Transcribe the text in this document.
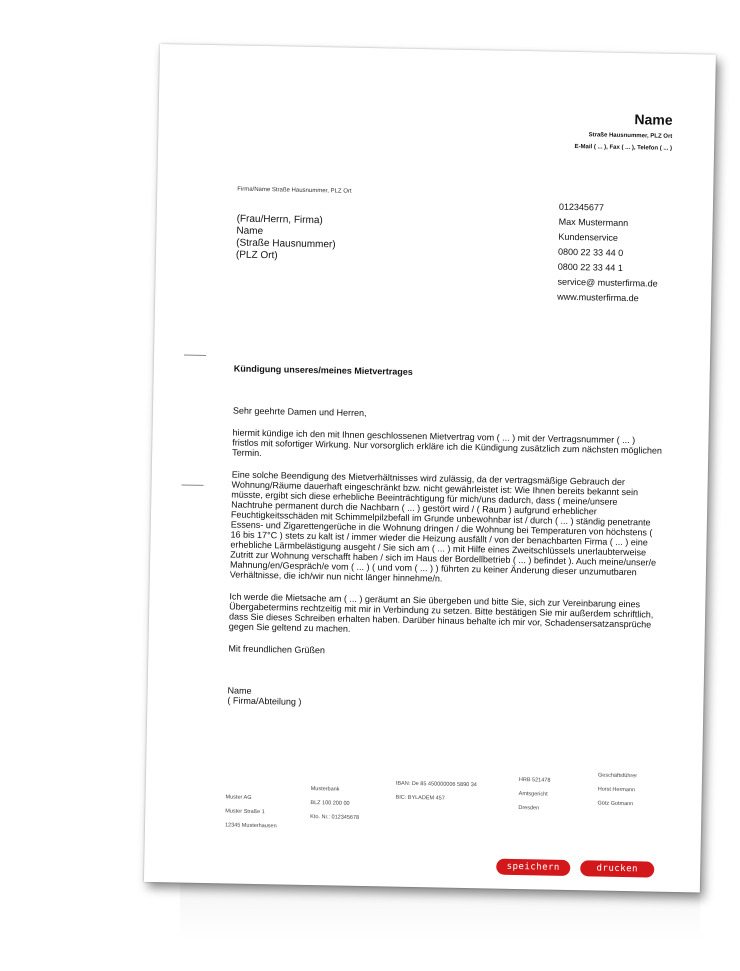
Name
Straße Hausnummer, PLZ Ort
E-Mail ( ... ), Fax ( ... ), Telefon ( ... )
Firma/Name Straße Hausnummer, PLZ Ort
(Frau/Herrn, Firma)
Name
(Straße Hausnummer)
(PLZ Ort)
012345677
Max Mustermann
Kundenservice
0800 22 33 44 0
0800 22 33 44 1
service@ musterfirma.de
www.musterfirma.de
Kündigung unseres/meines Mietvertrages

Sehr geehrte Damen und Herren,

hiermit kündige ich den mit Ihnen geschlossenen Mietvertrag vom ( ... ) mit der Vertragsnummer ( ... ) fristlos mit sofortiger Wirkung. Nur vorsorglich erkläre ich die Kündigung zusätzlich zum nächsten möglichen Termin.

Eine solche Beendigung des Mietverhältnisses wird zulässig, da der vertragsmäßige Gebrauch der Wohnung/Räume dauerhaft eingeschränkt bzw. nicht gewährleistet ist: Wie Ihnen bereits bekannt sein müsste, ergibt sich diese erhebliche Beeinträchtigung für mich/uns dadurch, dass ( meine/unsere Nachtruhe permanent durch die Nachbarn ( ... ) gestört wird / ( Raum ) aufgrund erheblicher Feuchtigkeitsschäden mit Schimmelpilzbefall im Grunde unbewohnbar ist / durch ( ... ) ständig penetrante Essens- und Zigarettengerüche in die Wohnung dringen / die Wohnung bei Temperaturen von höchstens ( 16 bis 17°C ) stets zu kalt ist / immer wieder die Heizung ausfällt / von der benachbarten Firma ( ... ) eine erhebliche Lärmbelästigung ausgeht / Sie sich am ( ... ) mit Hilfe eines Zweitschlüssels unerlaubterweise Zutritt zur Wohnung verschafft haben / sich im Haus der Bordellbetrieb ( ... ) befindet ). Auch meine/unser/e Mahnung/en/Gespräch/e vom ( ... ) ( und vom ( ... ) ) führten zu keiner Änderung dieser unzumutbaren Verhältnisse, die ich/wir nun nicht länger hinnehme/n.

Ich werde die Mietsache am ( ... ) geräumt an Sie übergeben und bitte Sie, sich zur Vereinbarung eines Übergabetermins rechtzeitig mit mir in Verbindung zu setzen. Bitte bestätigen Sie mir außerdem schriftlich, dass Sie dieses Schreiben erhalten haben. Darüber hinaus behalte ich mir vor, Schadensersatzansprüche gegen Sie geltend zu machen.

Mit freundlichen Grüßen

Name
( Firma/Abteilung )
Muster AG
Muster Straße 1
12345 Musterhausen
Musterbank
BLZ 100 200 00
Kto. Nr.: 012345678
IBAN: De 85 450000006 5890 34
BIC: BYLADEM 457
HRB 521478
Amtsgericht
Dresden
Geschäftsführer
Horst Hermann
Götz Gotmann
speichern	drucken
